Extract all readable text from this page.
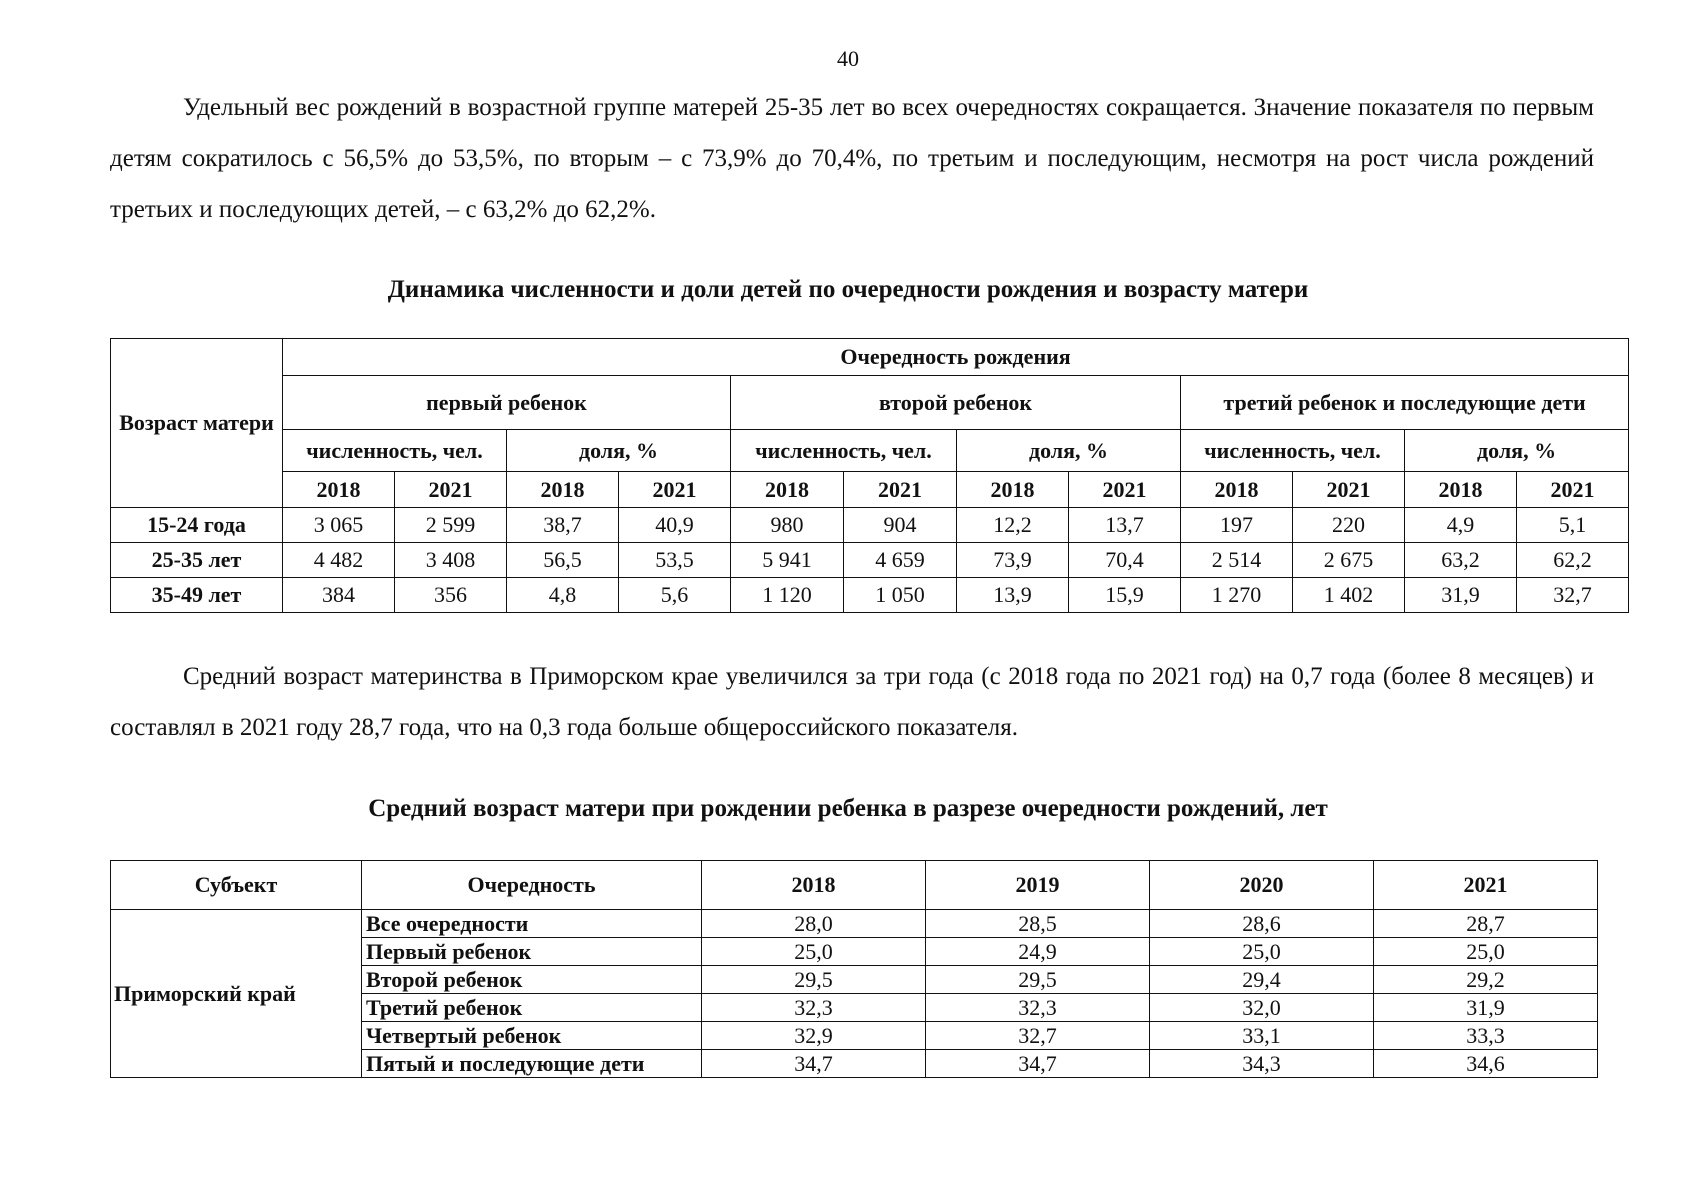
40

Удельный вес рождений в возрастной группе матерей 25-35 лет во всех очередностях сокращается. Значение показателя по первым детям сократилось с 56,5% до 53,5%, по вторым – с 73,9% до 70,4%, по третьим и последующим, несмотря на рост числа рождений третьих и последующих детей, – с 63,2% до 62,2%.

Динамика численности и доли детей по очередности рождения и возрасту матери

Возраст матери	Очередность рождения											
	первый ребенок				второй ребенок				третий ребенок и последующие дети			
	численность, чел.		доля, %		численность, чел.		доля, %		численность, чел.		доля, %	
	2018	2021	2018	2021	2018	2021	2018	2021	2018	2021	2018	2021
15-24 года	3 065	2 599	38,7	40,9	980	904	12,2	13,7	197	220	4,9	5,1
25-35 лет	4 482	3 408	56,5	53,5	5 941	4 659	73,9	70,4	2 514	2 675	63,2	62,2
35-49 лет	384	356	4,8	5,6	1 120	1 050	13,9	15,9	1 270	1 402	31,9	32,7

Средний возраст материнства в Приморском крае увеличился за три года (с 2018 года по 2021 год) на 0,7 года (более 8 месяцев) и составлял в 2021 году 28,7 года, что на 0,3 года больше общероссийского показателя.

Средний возраст матери при рождении ребенка в разрезе очередности рождений, лет

Субъект	Очередность	2018	2019	2020	2021
Приморский край	Все очередности	28,0	28,5	28,6	28,7
	Первый ребенок	25,0	24,9	25,0	25,0
	Второй ребенок	29,5	29,5	29,4	29,2
	Третий ребенок	32,3	32,3	32,0	31,9
	Четвертый ребенок	32,9	32,7	33,1	33,3
	Пятый и последующие дети	34,7	34,7	34,3	34,6
